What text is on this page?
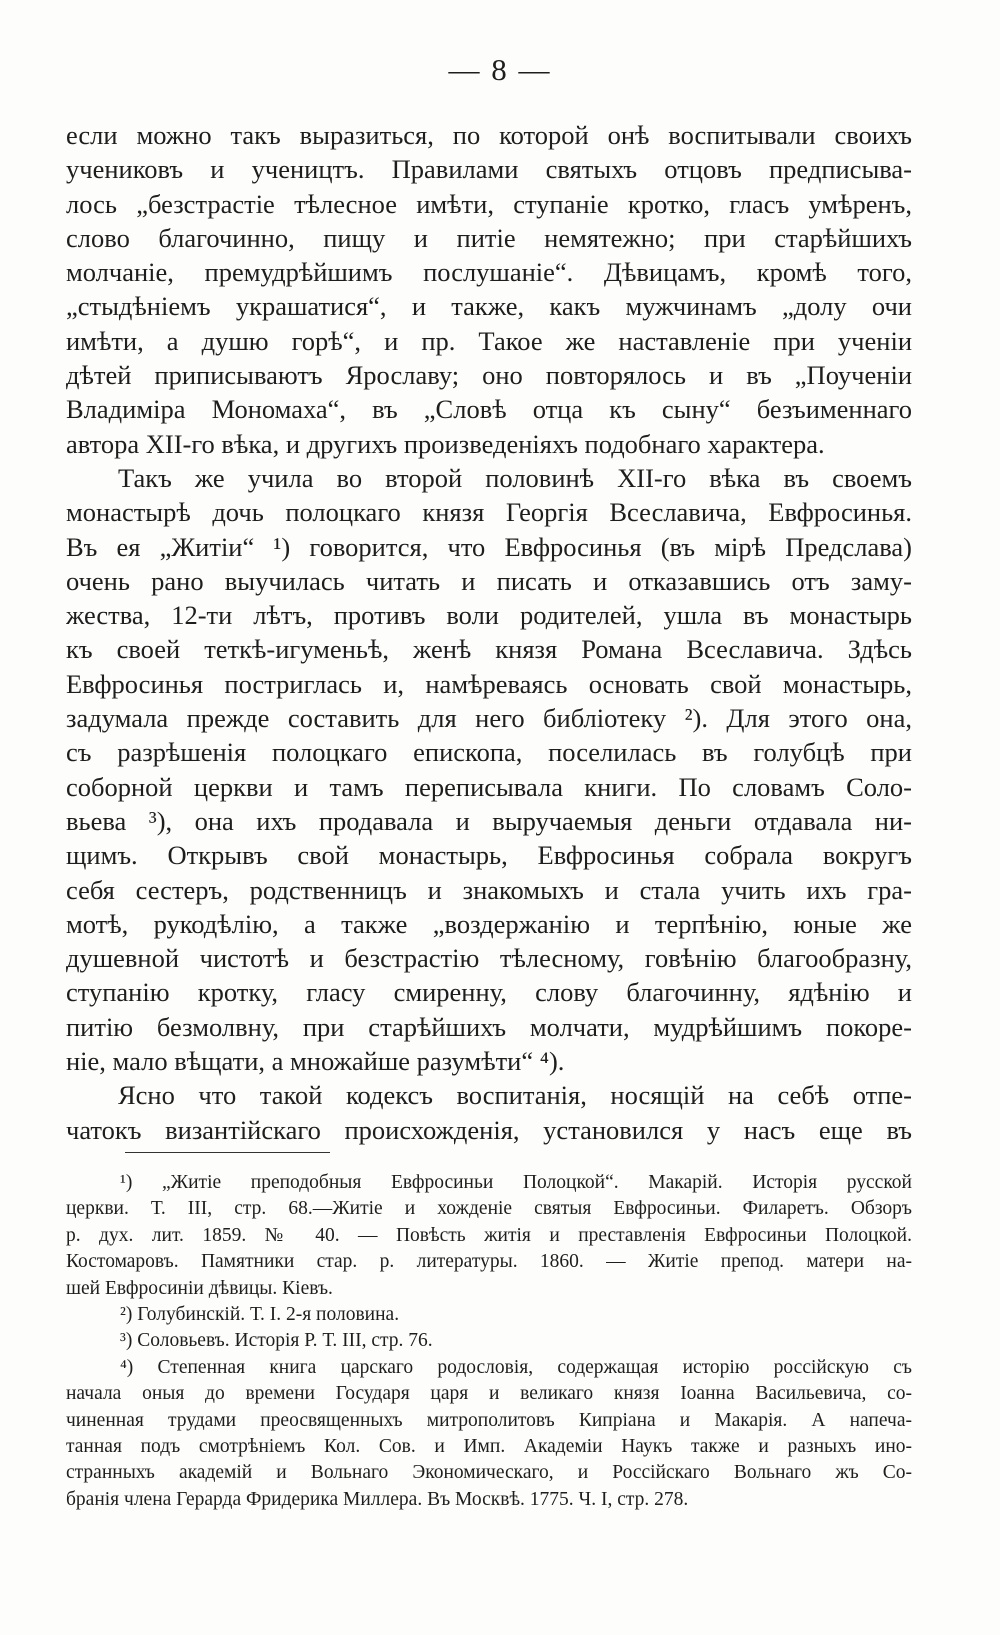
— 8 —
если можно такъ выразиться, по которой онѣ воспитывали своихъ
учениковъ и учеництъ. Правилами святыхъ отцовъ предписыва-
лось „безстрастіе тѣлесное имѣти, ступаніе кротко, гласъ умѣренъ,
слово благочинно, пищу и питіе немятежно; при старѣйшихъ
молчаніе, премудрѣйшимъ послушаніе“. Дѣвицамъ, кромѣ того,
„стыдѣніемъ украшатися“, и также, какъ мужчинамъ „долу очи
имѣти, а душю горѣ“, и пр. Такое же наставленіе при ученіи
дѣтей приписываютъ Ярославу; оно повторялось и въ „Поученіи
Владиміра Мономаха“, въ „Словѣ отца къ сыну“ безъименнаго
автора XII-го вѣка, и другихъ произведеніяхъ подобнаго характера.
Такъ же учила во второй половинѣ XII-го вѣка въ своемъ
монастырѣ дочь полоцкаго князя Георгія Всеславича, Евфросинья.
Въ ея „Житіи“ ¹) говорится, что Евфросинья (въ мірѣ Предслава)
очень рано выучилась читать и писать и отказавшись отъ заму-
жества, 12-ти лѣтъ, противъ воли родителей, ушла въ монастырь
къ своей теткѣ-игуменьѣ, женѣ князя Романа Всеславича. Здѣсь
Евфросинья постриглась и, намѣреваясь основать свой монастырь,
задумала прежде составить для него библіотеку ²). Для этого она,
съ разрѣшенія полоцкаго епископа, поселилась въ голубцѣ при
соборной церкви и тамъ переписывала книги. По словамъ Соло-
вьева ³), она ихъ продавала и выручаемыя деньги отдавала ни-
щимъ. Открывъ свой монастырь, Евфросинья собрала вокругъ
себя сестеръ, родственницъ и знакомыхъ и стала учить ихъ гра-
мотѣ, рукодѣлію, а также „воздержанію и терпѣнію, юные же
душевной чистотѣ и безстрастію тѣлесному, говѣнію благообразну,
ступанію кротку, гласу смиренну, слову благочинну, ядѣнію и
питію безмолвну, при старѣйшихъ молчати, мудрѣйшимъ покоре-
ніе, мало вѣщати, а множайше разумѣти“ ⁴).
Ясно что такой кодексъ воспитанія, носящій на себѣ отпе-
чатокъ византійскаго происхожденія, установился у насъ еще въ
¹) „Житіе преподобныя Евфросиньи Полоцкой“. Макарій. Исторія русской
церкви. Т. III, стр. 68.—Житіе и хожденіе святыя Евфросиньи. Филаретъ. Обзоръ
р. дух. лит. 1859. № 40. — Повѣсть житія и преставленія Евфросиньи Полоцкой.
Костомаровъ. Памятники стар. р. литературы. 1860. — Житіе препод. матери на-
шей Евфросиніи дѣвицы. Кіевъ.
²) Голубинскій. Т. I. 2-я половина.
³) Соловьевъ. Исторія Р. Т. III, стр. 76.
⁴) Степенная книга царскаго родословія, содержащая исторію россійскую съ
начала оныя до времени Государя царя и великаго князя Іоанна Васильевича, со-
чиненная трудами преосвященныхъ митрополитовъ Кипріана и Макарія. А напеча-
танная подъ смотрѣніемъ Кол. Сов. и Имп. Академіи Наукъ также и разныхъ ино-
странныхъ академій и Вольнаго Экономическаго, и Россійскаго Вольнаго жъ Со-
бранія члена Герарда Фридерика Миллера. Въ Москвѣ. 1775. Ч. I, стр. 278.
